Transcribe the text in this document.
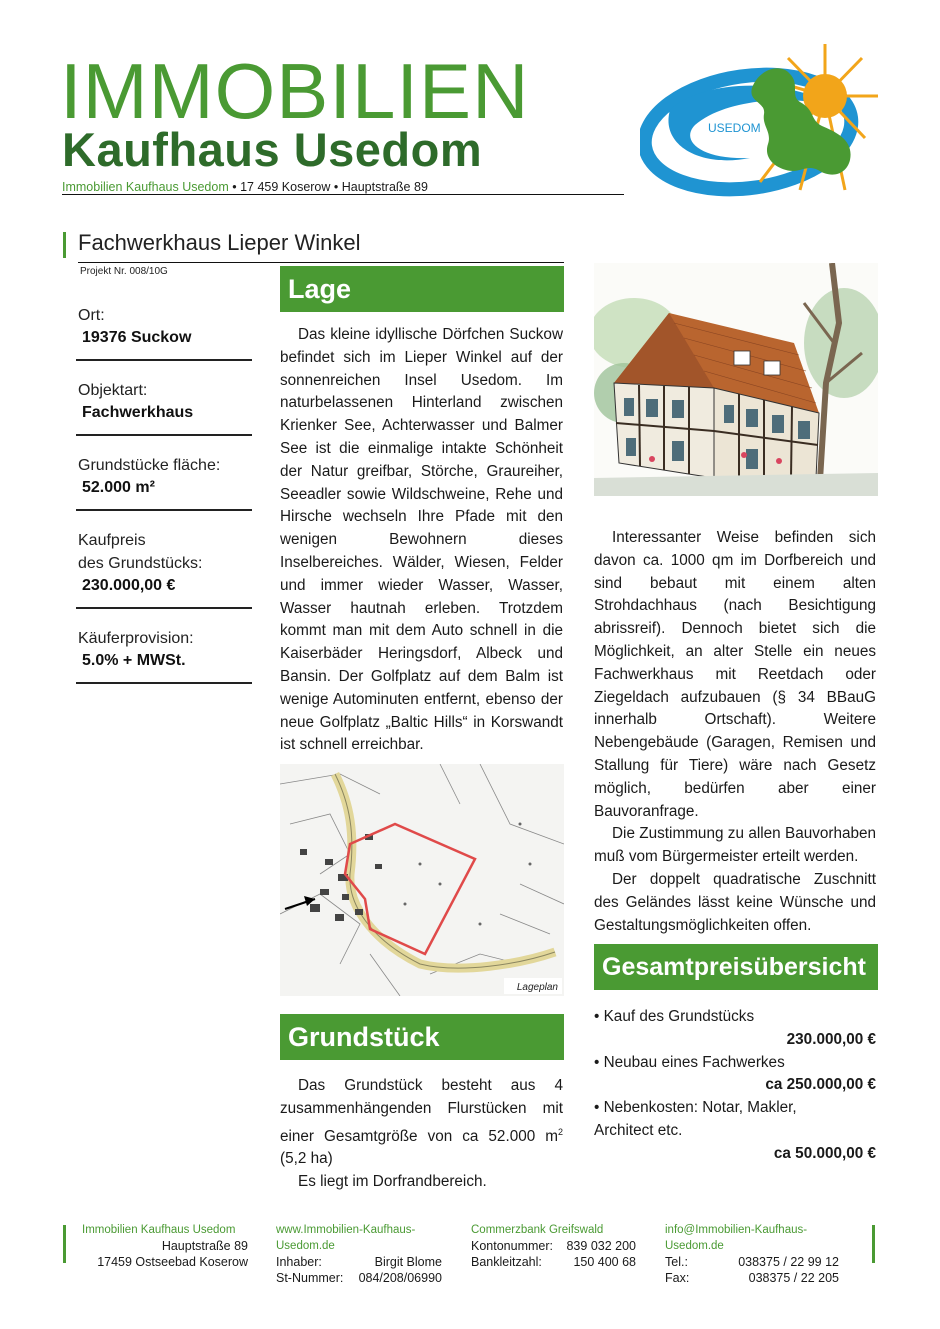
IMMOBILIEN
Kaufhaus Usedom
Immobilien Kaufhaus Usedom • 17 459 Koserow • Hauptstraße 89
USEDOM
Fachwerkhaus Lieper Winkel
Projekt Nr. 008/10G
Ort:
19376 Suckow
Objektart:
Fachwerkhaus
Grundstücke fläche:
52.000 m²
Kaufpreis
des Grundstücks:
230.000,00 €
Käuferprovision:
5.0% + MWSt.
Lage

Das kleine idyllische Dörfchen Suckow befindet sich im Lieper Winkel auf der sonnenreichen Insel Usedom. Im naturbelassenen Hinterland zwischen Krienker See, Achterwasser und Balmer See ist die einmalige intakte Schönheit der Natur greifbar, Störche, Graureiher, Seeadler sowie Wildschweine, Rehe und Hirsche wechseln Ihre Pfade mit den wenigen Bewohnern dieses Inselbereiches. Wälder, Wiesen, Felder und immer wieder Wasser, Wasser, Wasser hautnah erleben. Trotzdem kommt man mit dem Auto schnell in die Kaiserbäder Heringsdorf, Albeck und Bansin. Der Golfplatz auf dem Balm ist wenige Autominuten entfernt, ebenso der neue Golfplatz „Baltic Hills“ in Korswandt ist schnell erreichbar.

Lageplan
Grundstück

Das Grundstück besteht aus 4 zusammenhängenden Flurstücken mit einer Gesamtgröße von ca 52.000 $m^2$ (5,2 ha)

Es liegt im Dorfrandbereich.

Interessanter Weise befinden sich davon ca. 1000 qm im Dorfbereich und sind bebaut mit einem alten Strohdachhaus (nach Besichtigung abrissreif). Dennoch bietet sich die Möglichkeit, an alter Stelle ein neues Fachwerkhaus mit Reetdach oder Ziegeldach aufzubauen (§ 34 BBauG innerhalb Ortschaft). Weitere Nebengebäude (Garagen, Remisen und Stallung für Tiere) wäre nach Gesetz möglich, bedürfen aber einer Bauvoranfrage.

Die Zustimmung zu allen Bauvorhaben muß vom Bürgermeister erteilt werden.

Der doppelt quadratische Zuschnitt des Geländes lässt keine Wünsche und Gestaltungsmöglichkeiten offen.

Gesamtpreisübersicht
• Kauf des Grundstücks
230.000,00 €
• Neubau eines Fachwerkes
ca 250.000,00 €
• Nebenkosten: Notar, Makler, Architect etc.
ca 50.000,00 €
Immobilien Kaufhaus Usedom
Hauptstraße 89
17459 Ostseebad Koserow
www.Immobilien-Kaufhaus-Usedom.de
Inhaber:	Birgit Blome
St-Nummer: 084/208/06990
Commerzbank Greifswald
Kontonummer: 839 032 200
Bankleitzahl:	150 400 68
info@Immobilien-Kaufhaus-Usedom.de
Tel.:	038375 / 22 99 12
Fax:	038375 / 22 205
